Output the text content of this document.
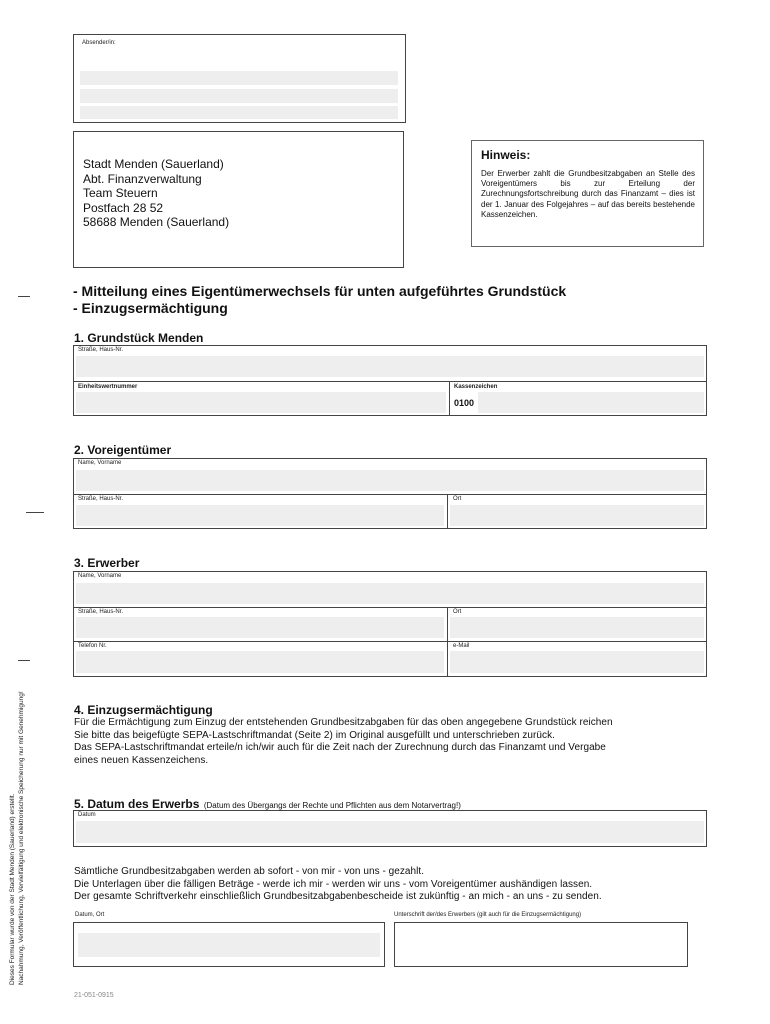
Absender/in:
Stadt Menden (Sauerland)
Abt. Finanzverwaltung
Team Steuern
Postfach 28 52
58688 Menden (Sauerland)
Hinweis:
Der Erwerber zahlt die Grundbesitzabgaben an Stelle des Voreigentümers bis zur Erteilung der Zurechnungsfortschreibung durch das Finanzamt – dies ist der 1. Januar des Folgejahres – auf das bereits bestehende Kassenzeichen.
- Mitteilung eines Eigentümerwechsels für unten aufgeführtes Grundstück
- Einzugsermächtigung
1. Grundstück Menden
Straße, Haus-Nr.
Einheitswertnummer	Kassenzeichen
0100
2. Voreigentümer
Name, Vorname
Straße, Haus-Nr.	Ort
3. Erwerber
Name, Vorname
Straße, Haus-Nr.	Ort
Telefon Nr.	e-Mail
4. Einzugsermächtigung
Für die Ermächtigung zum Einzug der entstehenden Grundbesitzabgaben für das oben angegebene Grundstück reichen
Sie bitte das beigefügte SEPA-Lastschriftmandat (Seite 2) im Original ausgefüllt und unterschrieben zurück.
Das SEPA-Lastschriftmandat erteile/n ich/wir auch für die Zeit nach der Zurechnung durch das Finanzamt und Vergabe
eines neuen Kassenzeichens.
5. Datum des Erwerbs (Datum des Übergangs der Rechte und Pflichten aus dem Notarvertrag!)
Datum
Sämtliche Grundbesitzabgaben werden ab sofort - von mir - von uns - gezahlt.
Die Unterlagen über die fälligen Beträge - werde ich mir - werden wir uns - vom Voreigentümer aushändigen lassen.
Der gesamte Schriftverkehr einschließlich Grundbesitzabgabenbescheide ist zukünftig - an mich - an uns - zu senden.
Datum, Ort	Unterschrift der/des Erwerbers (gilt auch für die Einzugsermächtigung)
Dieses Formular wurde von der Stadt Menden (Sauerland) erstellt. Nachahmung, Veröffentlichung, Vervielfältigung und elektronische Speicherung nur mit Genehmigung!
21-051-0915
